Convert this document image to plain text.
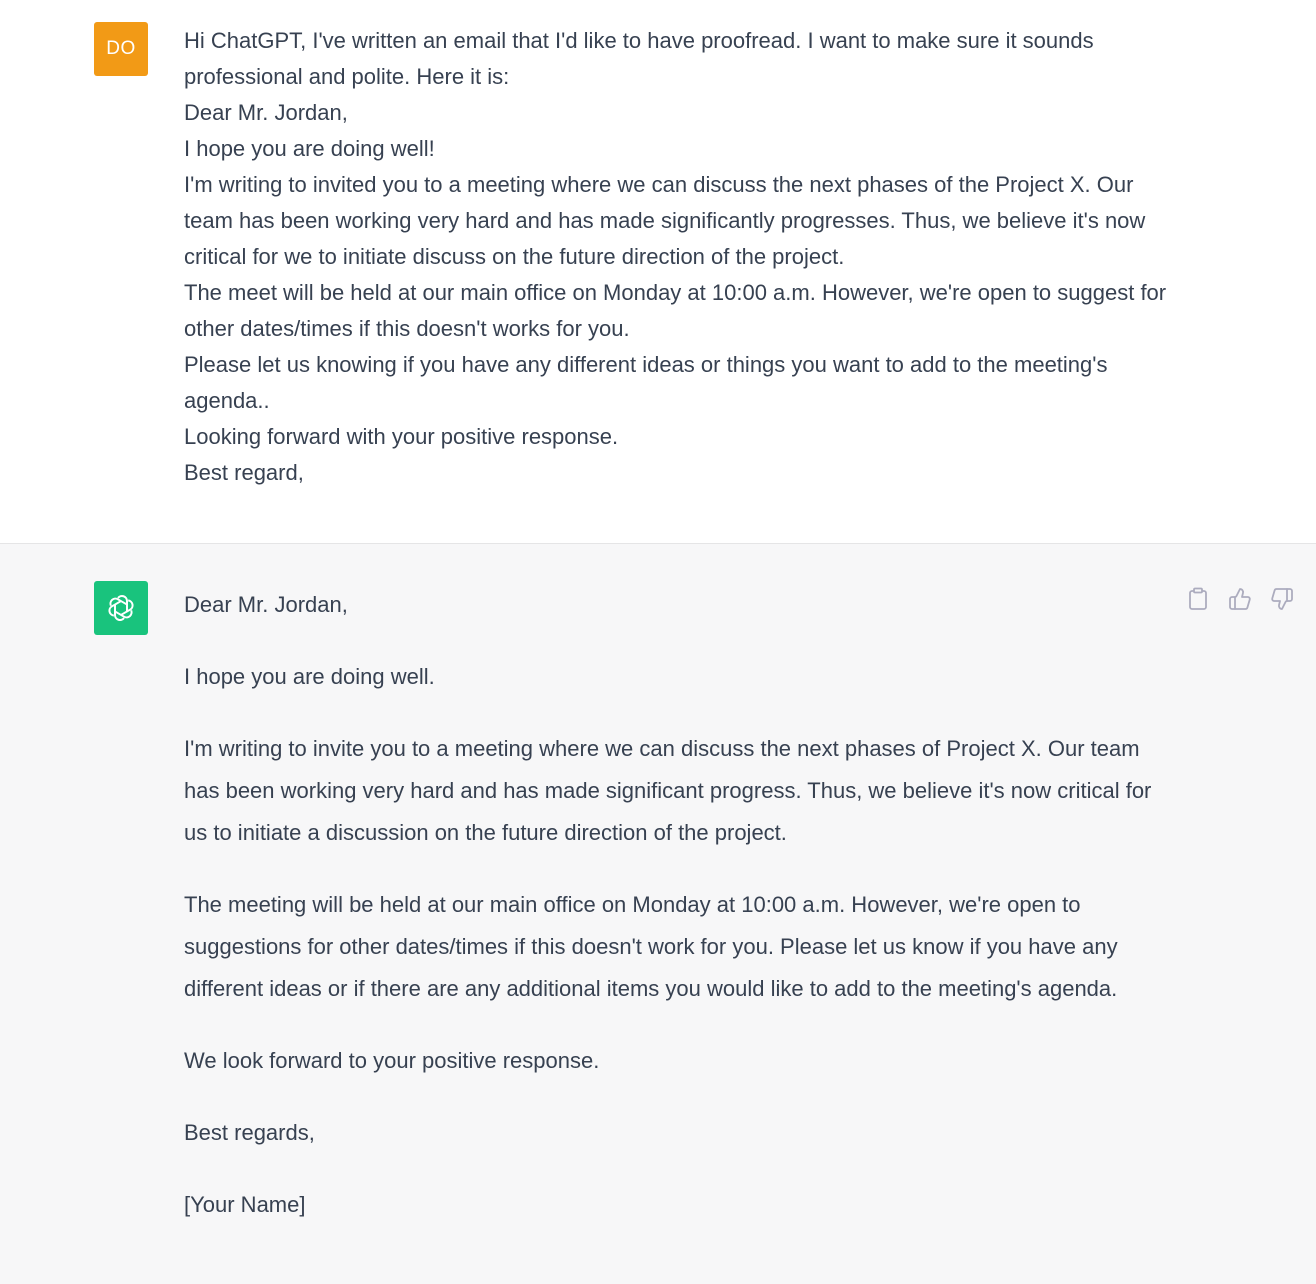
DO Hi ChatGPT, I've written an email that I'd like to have proofread. I want to make sure it sounds professional and polite. Here it is:
Dear Mr. Jordan,
I hope you are doing well!
I'm writing to invited you to a meeting where we can discuss the next phases of the Project X. Our team has been working very hard and has made significantly progresses. Thus, we believe it's now critical for we to initiate discuss on the future direction of the project.
The meet will be held at our main office on Monday at 10:00 a.m. However, we're open to suggest for other dates/times if this doesn't works for you.
Please let us knowing if you have any different ideas or things you want to add to the meeting's agenda..
Looking forward with your positive response.
Best regard,

Dear Mr. Jordan,

I hope you are doing well.

I'm writing to invite you to a meeting where we can discuss the next phases of Project X. Our team has been working very hard and has made significant progress. Thus, we believe it's now critical for us to initiate a discussion on the future direction of the project.

The meeting will be held at our main office on Monday at 10:00 a.m. However, we're open to suggestions for other dates/times if this doesn't work for you. Please let us know if you have any different ideas or if there are any additional items you would like to add to the meeting's agenda.

We look forward to your positive response.

Best regards,

[Your Name]
